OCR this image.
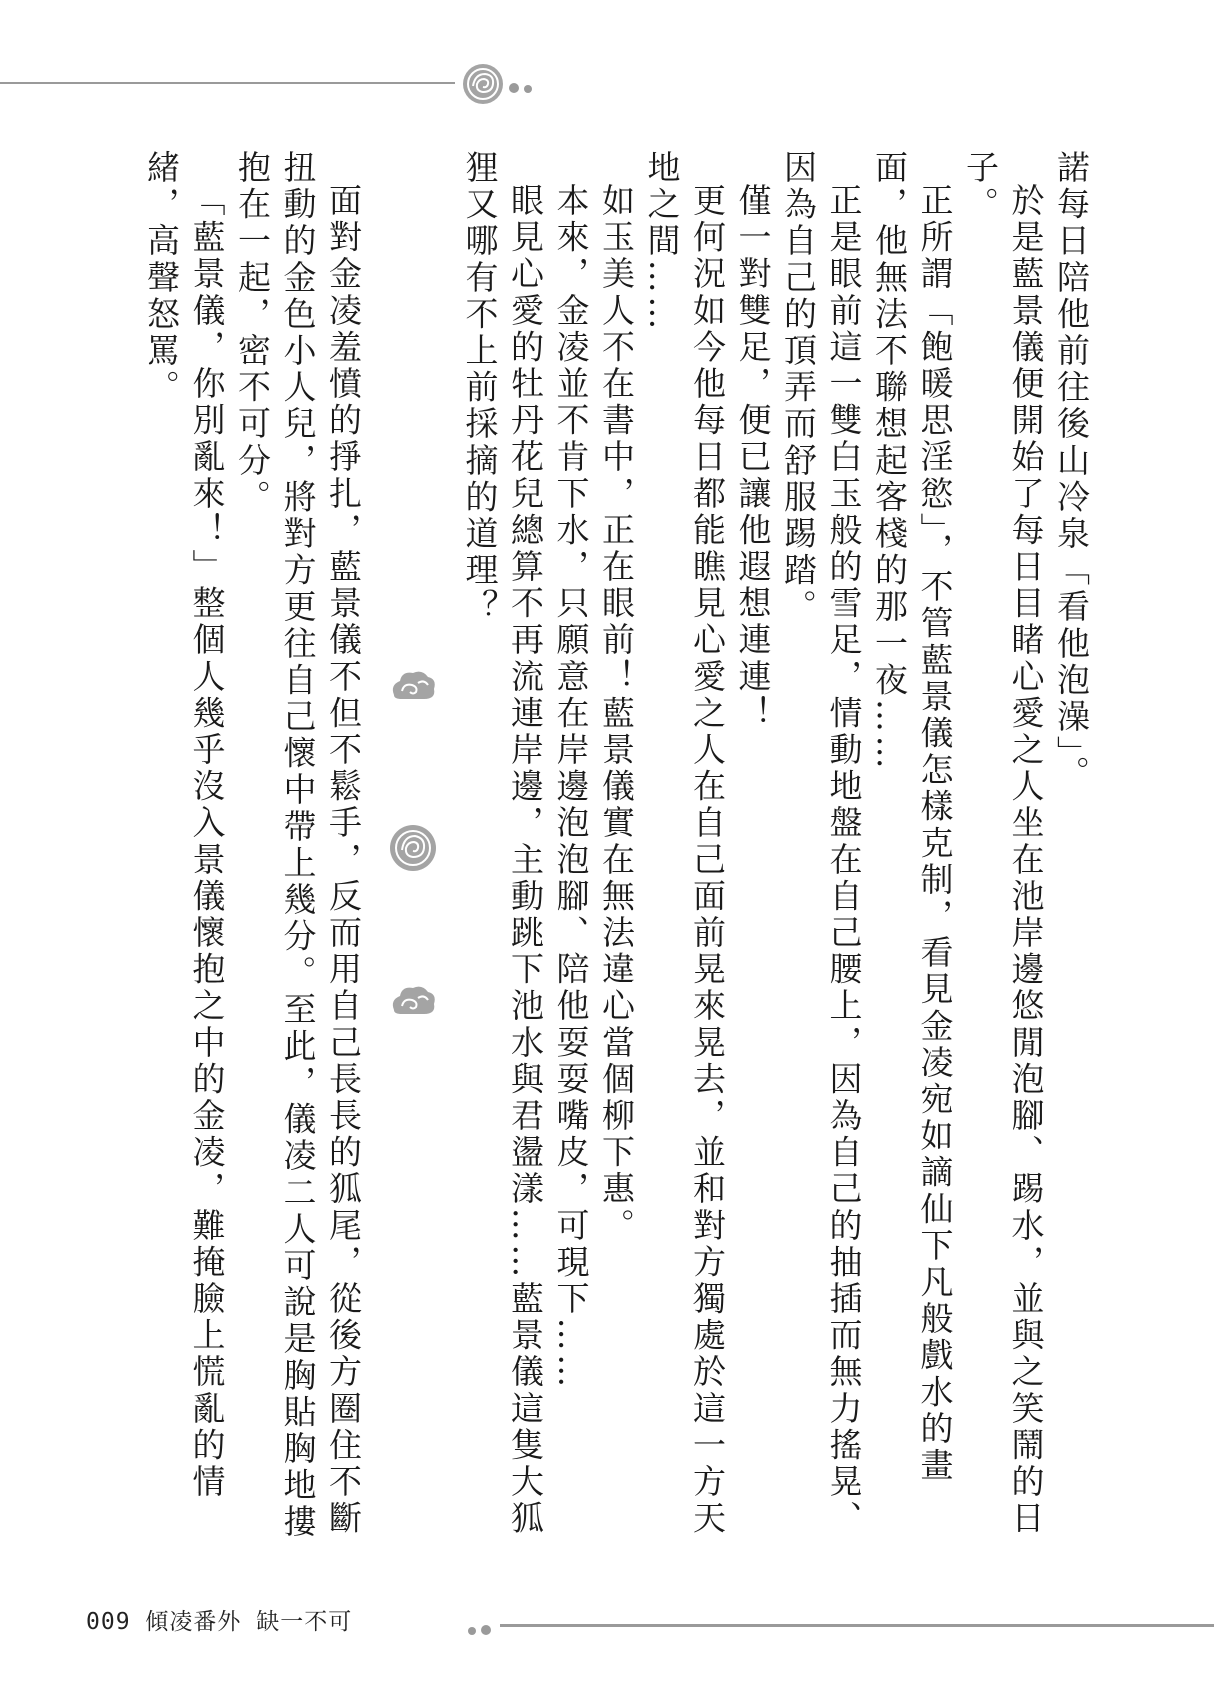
諾每日陪他前往後山冷泉「看他泡澡」。

於是藍景儀便開始了每日目睹心愛之人坐在池岸邊悠閒泡腳、踢水，並與之笑鬧的日子。

正所謂「飽暖思淫慾」，不管藍景儀怎樣克制，看見金凌宛如謫仙下凡般戲水的畫面，他無法不聯想起客棧的那一夜……

正是眼前這一雙白玉般的雪足，情動地盤在自己腰上，因為自己的抽插而無力搖晃、因為自己的頂弄而舒服踢踏。

僅一對雙足，便已讓他遐想連連！

更何況如今他每日都能瞧見心愛之人在自己面前晃來晃去，並和對方獨處於這一方天地之間……

如玉美人不在書中，正在眼前！藍景儀實在無法違心當個柳下惠。

本來，金凌並不肯下水，只願意在岸邊泡泡腳、陪他耍耍嘴皮，可現下……

眼見心愛的牡丹花兒總算不再流連岸邊，主動跳下池水與君盪漾……藍景儀這隻大狐狸又哪有不上前採摘的道理？

面對金凌羞憤的掙扎，藍景儀不但不鬆手，反而用自己長長的狐尾，從後方圈住不斷扭動的金色小人兒，將對方更往自己懷中帶上幾分。至此，儀凌二人可說是胸貼胸地摟抱在一起，密不可分。

「藍景儀，你別亂來！」整個人幾乎沒入景儀懷抱之中的金凌，難掩臉上慌亂的情緒，高聲怒罵。

009 傾凌番外 缺一不可
